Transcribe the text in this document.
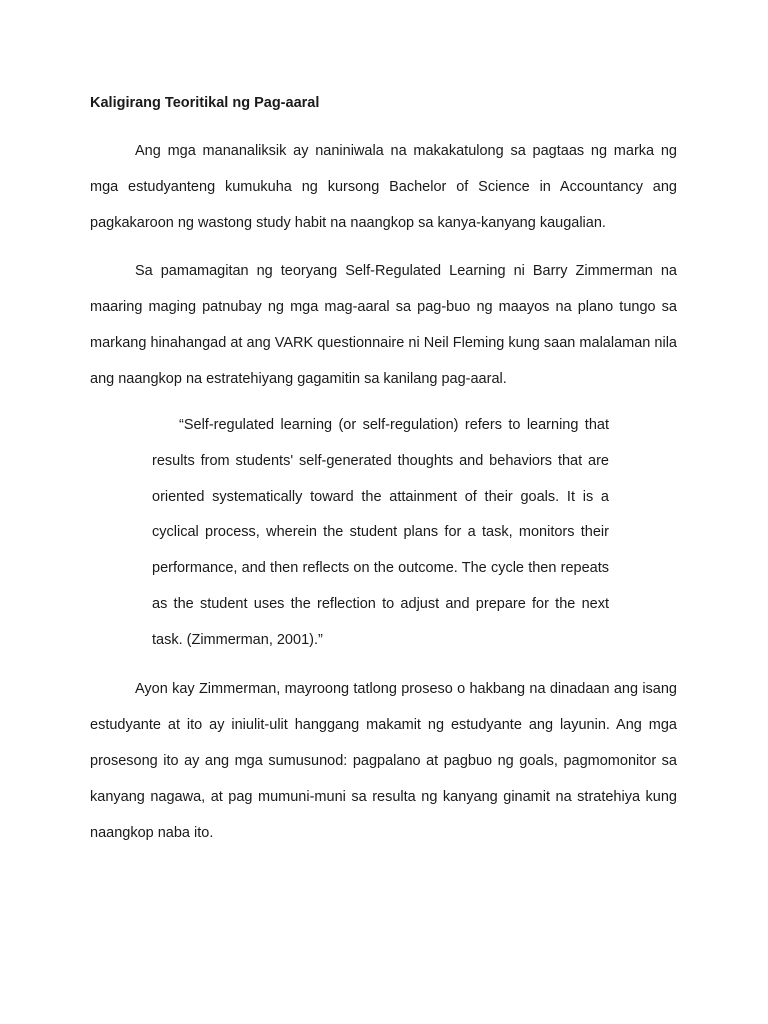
Kaligirang Teoritikal ng Pag-aaral

Ang mga mananaliksik ay naniniwala na makakatulong sa pagtaas ng marka ng mga estudyanteng kumukuha ng kursong Bachelor of Science in Accountancy ang pagkakaroon ng wastong study habit na naangkop sa kanya-kanyang kaugalian.

Sa pamamagitan ng teoryang Self-Regulated Learning ni Barry Zimmerman na maaring maging patnubay ng mga mag-aaral sa pag-buo ng maayos na plano tungo sa markang hinahangad at ang VARK questionnaire ni Neil Fleming kung saan malalaman nila ang naangkop na estratehiyang gagamitin sa kanilang pag-aaral.

“Self-regulated learning (or self-regulation) refers to learning that results from students' self-generated thoughts and behaviors that are oriented systematically toward the attainment of their goals. It is a cyclical process, wherein the student plans for a task, monitors their performance, and then reflects on the outcome. The cycle then repeats as the student uses the reflection to adjust and prepare for the next task. (Zimmerman, 2001).”

Ayon kay Zimmerman, mayroong tatlong proseso o hakbang na dinadaan ang isang estudyante at ito ay iniulit-ulit hanggang makamit ng estudyante ang layunin. Ang mga prosesong ito ay ang mga sumusunod: pagpalano at pagbuo ng goals, pagmomonitor sa kanyang nagawa, at pag mumuni-muni sa resulta ng kanyang ginamit na stratehiya kung naangkop naba ito.
